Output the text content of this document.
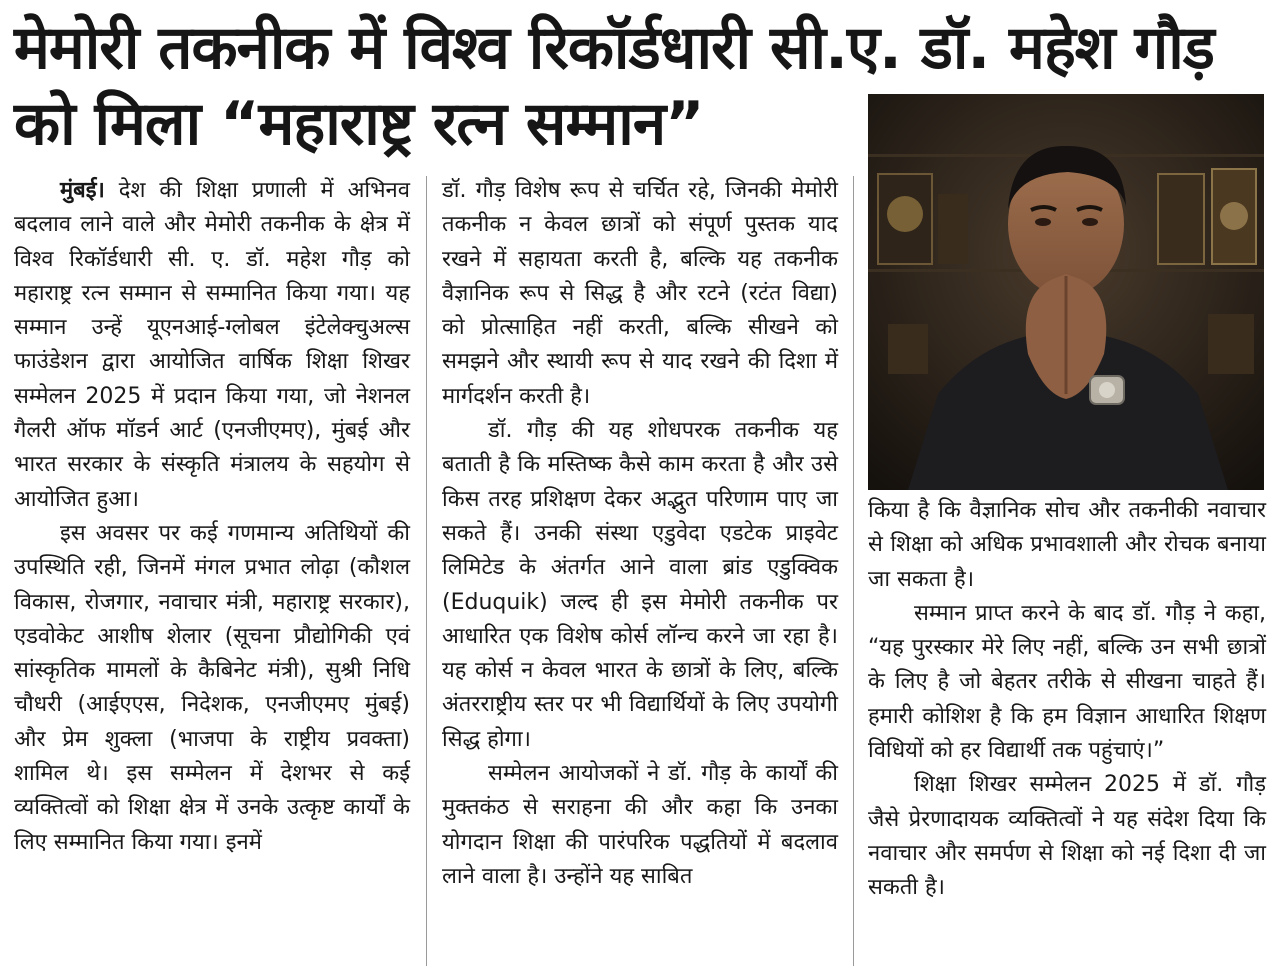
मेमोरी तकनीक में विश्व रिकॉर्डधारी सी.ए. डॉ. महेश गौड़
को मिला “महाराष्ट्र रत्न सम्मान”

मुंबई। देश की शिक्षा प्रणाली में अभिनव बदलाव लाने वाले और मेमोरी तकनीक के क्षेत्र में विश्व रिकॉर्डधारी सी. ए. डॉ. महेश गौड़ को महाराष्ट्र रत्न सम्मान से सम्मानित किया गया। यह सम्मान उन्हें यूएनआई-ग्लोबल इंटेलेक्चुअल्स फाउंडेशन द्वारा आयोजित वार्षिक शिक्षा शिखर सम्मेलन 2025 में प्रदान किया गया, जो नेशनल गैलरी ऑफ मॉडर्न आर्ट (एनजीएमए), मुंबई और भारत सरकार के संस्कृति मंत्रालय के सहयोग से आयोजित हुआ।

इस अवसर पर कई गणमान्य अतिथियों की उपस्थिति रही, जिनमें मंगल प्रभात लोढ़ा (कौशल विकास, रोजगार, नवाचार मंत्री, महाराष्ट्र सरकार), एडवोकेट आशीष शेलार (सूचना प्रौद्योगिकी एवं सांस्कृतिक मामलों के कैबिनेट मंत्री), सुश्री निधि चौधरी (आईएएस, निदेशक, एनजीएमए मुंबई) और प्रेम शुक्ला (भाजपा के राष्ट्रीय प्रवक्ता) शामिल थे। इस सम्मेलन में देशभर से कई व्यक्तित्वों को शिक्षा क्षेत्र में उनके उत्कृष्ट कार्यों के लिए सम्मानित किया गया। इनमें

डॉ. गौड़ विशेष रूप से चर्चित रहे, जिनकी मेमोरी तकनीक न केवल छात्रों को संपूर्ण पुस्तक याद रखने में सहायता करती है, बल्कि यह तकनीक वैज्ञानिक रूप से सिद्ध है और रटने (रटंत विद्या) को प्रोत्साहित नहीं करती, बल्कि सीखने को समझने और स्थायी रूप से याद रखने की दिशा में मार्गदर्शन करती है।

डॉ. गौड़ की यह शोधपरक तकनीक यह बताती है कि मस्तिष्क कैसे काम करता है और उसे किस तरह प्रशिक्षण देकर अद्भुत परिणाम पाए जा सकते हैं। उनकी संस्था एडुवेदा एडटेक प्राइवेट लिमिटेड के अंतर्गत आने वाला ब्रांड एडुक्विक (Eduquik) जल्द ही इस मेमोरी तकनीक पर आधारित एक विशेष कोर्स लॉन्च करने जा रहा है। यह कोर्स न केवल भारत के छात्रों के लिए, बल्कि अंतरराष्ट्रीय स्तर पर भी विद्यार्थियों के लिए उपयोगी सिद्ध होगा।

सम्मेलन आयोजकों ने डॉ. गौड़ के कार्यों की मुक्तकंठ से सराहना की और कहा कि उनका योगदान शिक्षा की पारंपरिक पद्धतियों में बदलाव लाने वाला है। उन्होंने यह साबित

किया है कि वैज्ञानिक सोच और तकनीकी नवाचार से शिक्षा को अधिक प्रभावशाली और रोचक बनाया जा सकता है।

सम्मान प्राप्त करने के बाद डॉ. गौड़ ने कहा, “यह पुरस्कार मेरे लिए नहीं, बल्कि उन सभी छात्रों के लिए है जो बेहतर तरीके से सीखना चाहते हैं। हमारी कोशिश है कि हम विज्ञान आधारित शिक्षण विधियों को हर विद्यार्थी तक पहुंचाएं।”

शिक्षा शिखर सम्मेलन 2025 में डॉ. गौड़ जैसे प्रेरणादायक व्यक्तित्वों ने यह संदेश दिया कि नवाचार और समर्पण से शिक्षा को नई दिशा दी जा सकती है।
